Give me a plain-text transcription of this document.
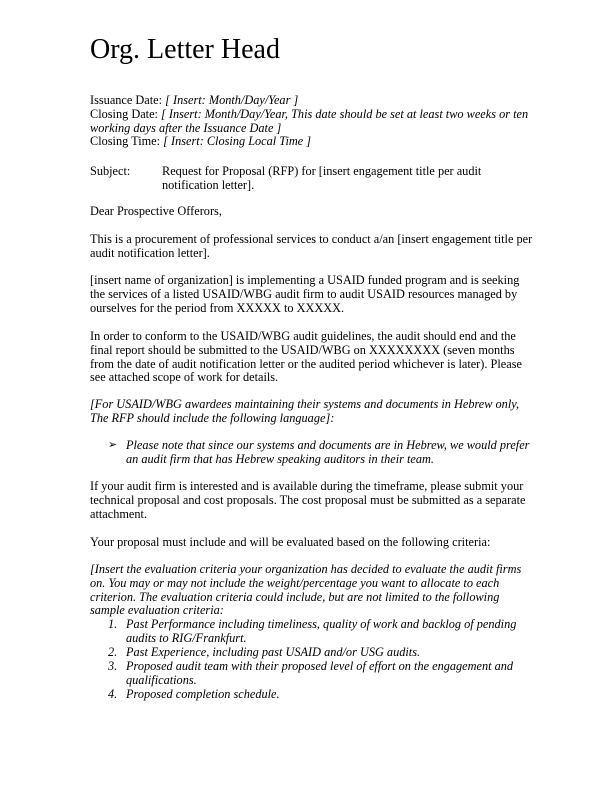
Org. Letter Head
Issuance Date: [ Insert: Month/Day/Year ]
Closing Date: [ Insert: Month/Day/Year, This date should be set at least two weeks or ten
working days after the Issuance Date ]
Closing Time: [ Insert: Closing Local Time ]
Subject:	Request for Proposal (RFP) for [insert engagement title per audit
notification letter].
Dear Prospective Offerors,
This is a procurement of professional services to conduct a/an [insert engagement title per
audit notification letter].
[insert name of organization] is implementing a USAID funded program and is seeking
the services of a listed USAID/WBG audit firm to audit USAID resources managed by
ourselves for the period from XXXXX to XXXXX.
In order to conform to the USAID/WBG audit guidelines, the audit should end and the
final report should be submitted to the USAID/WBG on XXXXXXXX (seven months
from the date of audit notification letter or the audited period whichever is later). Please
see attached scope of work for details.
[For USAID/WBG awardees maintaining their systems and documents in Hebrew only,
The RFP should include the following language]:
➢ Please note that since our systems and documents are in Hebrew, we would prefer
an audit firm that has Hebrew speaking auditors in their team.
If your audit firm is interested and is available during the timeframe, please submit your
technical proposal and cost proposals. The cost proposal must be submitted as a separate
attachment.
Your proposal must include and will be evaluated based on the following criteria:
[Insert the evaluation criteria your organization has decided to evaluate the audit firms
on. You may or may not include the weight/percentage you want to allocate to each
criterion. The evaluation criteria could include, but are not limited to the following
sample evaluation criteria:
1. Past Performance including timeliness, quality of work and backlog of pending
audits to RIG/Frankfurt.
2. Past Experience, including past USAID and/or USG audits.
3. Proposed audit team with their proposed level of effort on the engagement and
qualifications.
4. Proposed completion schedule.
